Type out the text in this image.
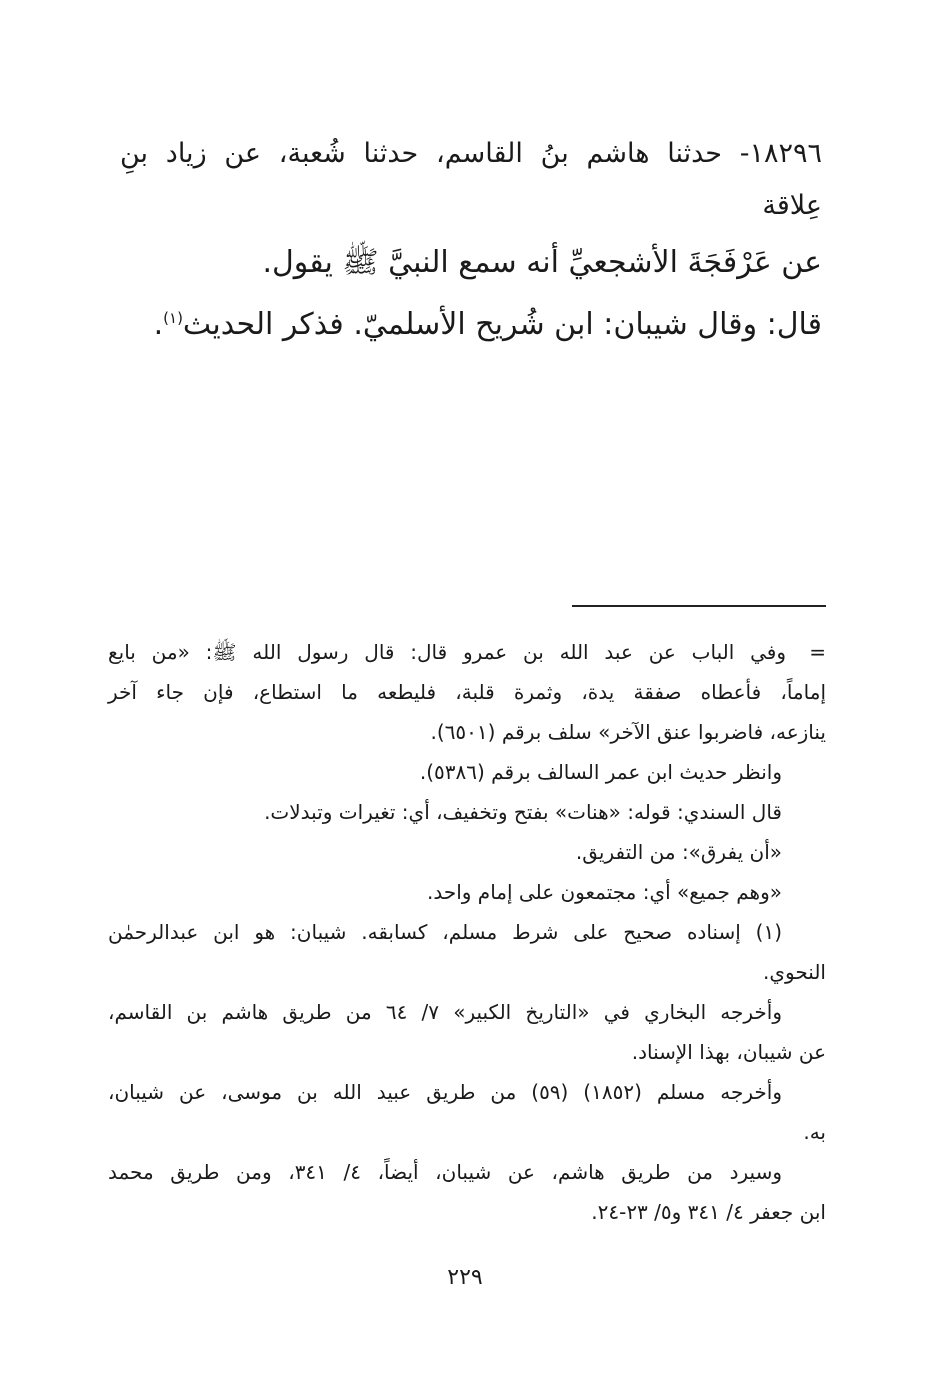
١٨٢٩٦- حدثنا هاشم بنُ القاسم، حدثنا شُعبة، عن زياد بنِ
عِلاقة
عن عَرْفَجَةَ الأشجعيِّ أنه سمع النبيَّ ﷺ يقول.
قال: وقال شيبان: ابن شُريح الأسلميّ. فذكر الحديث$^{(١)}$.
=وفي الباب عن عبد الله بن عمرو قال: قال رسول الله ﷺ: «من بايع
إماماً، فأعطاه صفقة يدة، وثمرة قلبة، فليطعه ما استطاع، فإن جاء آخر
ينازعه، فاضربوا عنق الآخر» سلف برقم (٦٥٠١).
وانظر حديث ابن عمر السالف برقم (٥٣٨٦).
قال السندي: قوله: «هنات» بفتح وتخفيف، أي: تغيرات وتبدلات.
«أن يفرق»: من التفريق.
«وهم جميع» أي: مجتمعون على إمام واحد.
(١) إسناده صحيح على شرط مسلم، كسابقه. شيبان: هو ابن عبدالرحمٰن
النحوي.
وأخرجه البخاري في «التاريخ الكبير» ٧/ ٦٤ من طريق هاشم بن القاسم،
عن شيبان، بهذا الإسناد.
وأخرجه مسلم (١٨٥٢) (٥٩) من طريق عبيد الله بن موسى، عن شيبان،
به.
وسيرد من طريق هاشم، عن شيبان، أيضاً، ٤/ ٣٤١، ومن طريق محمد
ابن جعفر ٤/ ٣٤١ و٥/ ٢٣-٢٤.
٢٢٩
